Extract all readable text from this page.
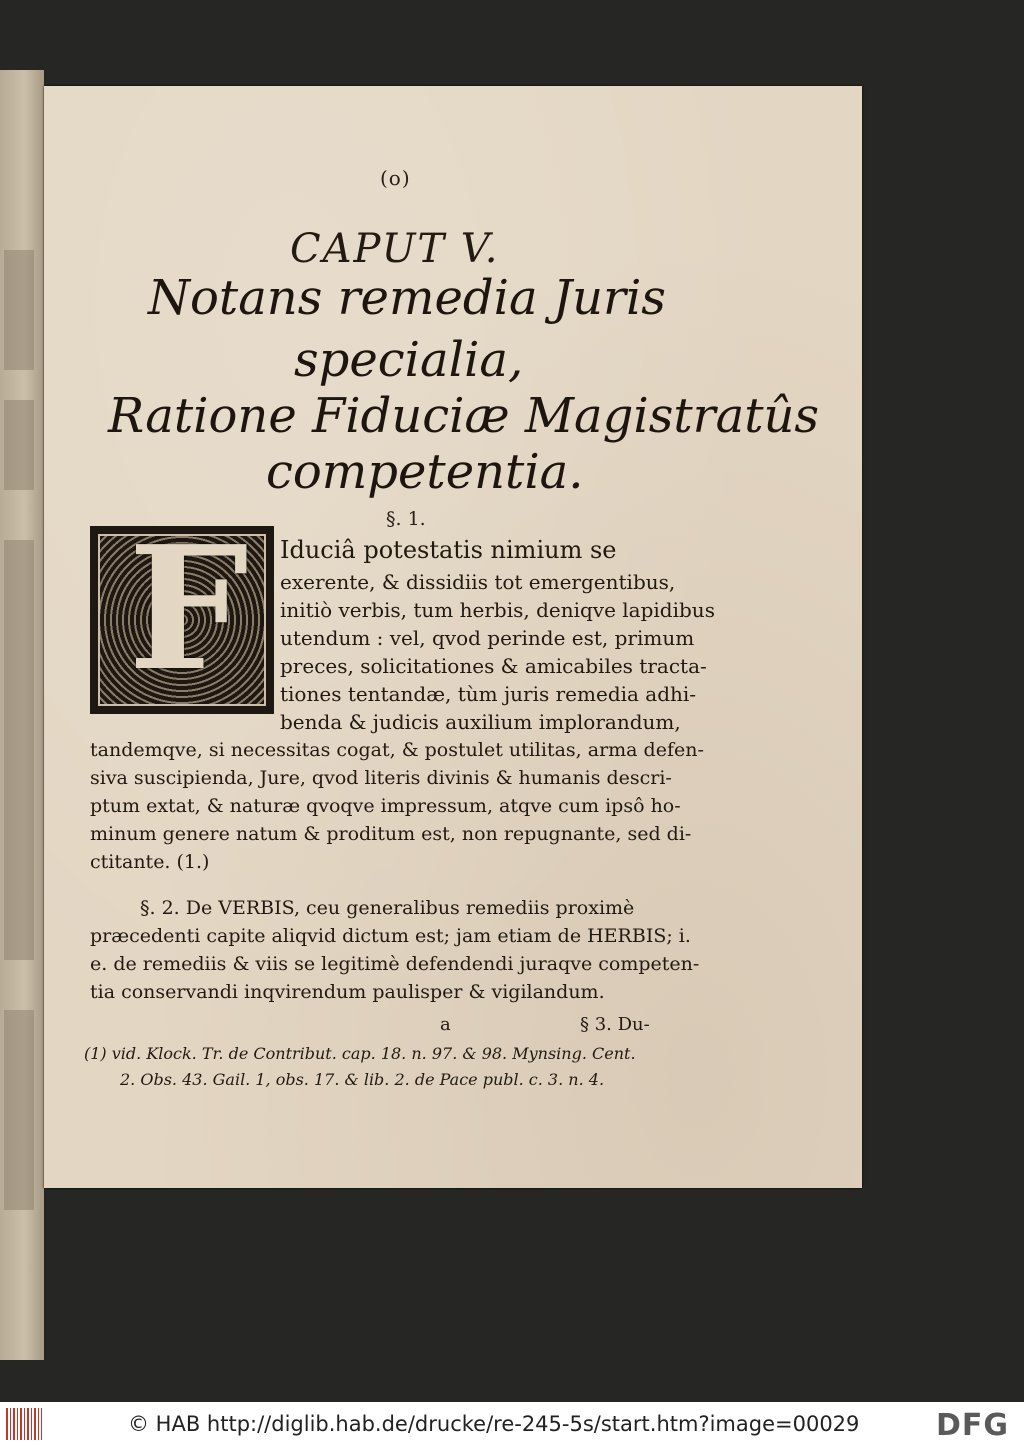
(o)
CAPUT V.
Notans remedia Juris
specialia,
Ratione Fiduciæ Magistratûs
competentia.
§. 1.
F Iduciâ potestatis nimium se
exerente, & dissidiis tot emergentibus,
initiò verbis, tum herbis, deniqve lapidibus
utendum : vel, qvod perinde est, primum
preces, solicitationes & amicabiles tracta-
tiones tentandæ, tùm juris remedia adhi-
benda & judicis auxilium implorandum,
tandemqve, si necessitas cogat, & postulet utilitas, arma defen-
siva suscipienda, Jure, qvod literis divinis & humanis descri-
ptum extat, & naturæ qvoqve impressum, atqve cum ipsô ho-
minum genere natum & proditum est, non repugnante, sed di-
ctitante. (1.)
§. 2. De VERBIS, ceu generalibus remediis proximè
præcedenti capite aliqvid dictum est; jam etiam de HERBIS; i.
e. de remediis & viis se legitimè defendendi juraqve competen-
tia conservandi inqvirendum paulisper & vigilandum.
a	§ 3. Du-
(1) vid. Klock. Tr. de Contribut. cap. 18. n. 97. & 98. Mynsing. Cent.
2. Obs. 43. Gail. 1, obs. 17. & lib. 2. de Pace publ. c. 3. n. 4.
© HAB http://diglib.hab.de/drucke/re-245-5s/start.htm?image=00029	DFG
